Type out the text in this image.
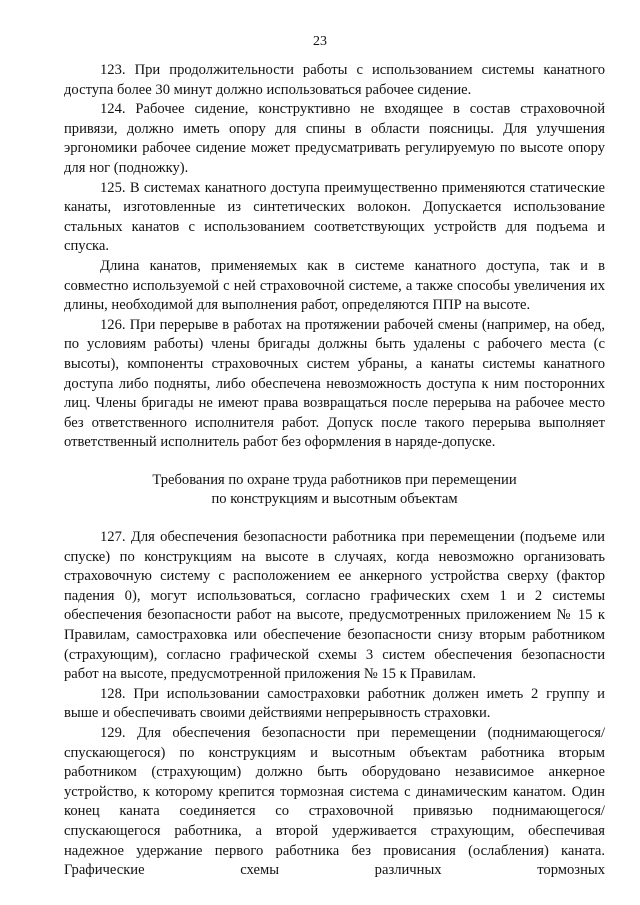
23

123. При продолжительности работы с использованием системы канатного доступа более 30 минут должно использоваться рабочее сидение.

124. Рабочее сидение, конструктивно не входящее в состав страховочной привязи, должно иметь опору для спины в области поясницы. Для улучшения эргономики рабочее сидение может предусматривать регулируемую по высоте опору для ног (подножку).

125. В системах канатного доступа преимущественно применяются статические канаты, изготовленные из синтетических волокон. Допускается использование стальных канатов с использованием соответствующих устройств для подъема и спуска.

Длина канатов, применяемых как в системе канатного доступа, так и в совместно используемой с ней страховочной системе, а также способы увеличения их длины, необходимой для выполнения работ, определяются ППР на высоте.

126. При перерыве в работах на протяжении рабочей смены (например, на обед, по условиям работы) члены бригады должны быть удалены с рабочего места (с высоты), компоненты страховочных систем убраны, а канаты системы канатного доступа либо подняты, либо обеспечена невозможность доступа к ним посторонних лиц. Члены бригады не имеют права возвращаться после перерыва на рабочее место без ответственного исполнителя работ. Допуск после такого перерыва выполняет ответственный исполнитель работ без оформления в наряде-допуске.

Требования по охране труда работников при перемещении
по конструкциям и высотным объектам

127. Для обеспечения безопасности работника при перемещении (подъеме или спуске) по конструкциям на высоте в случаях, когда невозможно организовать страховочную систему с расположением ее анкерного устройства сверху (фактор падения 0), могут использоваться, согласно графических схем 1 и 2 системы обеспечения безопасности работ на высоте, предусмотренных приложением № 15 к Правилам, самостраховка или обеспечение безопасности снизу вторым работником (страхующим), согласно графической схемы 3 систем обеспечения безопасности работ на высоте, предусмотренной приложения № 15 к Правилам.

128. При использовании самостраховки работник должен иметь 2 группу и выше и обеспечивать своими действиями непрерывность страховки.

129. Для обеспечения безопасности при перемещении (поднимающегося/спускающегося) по конструкциям и высотным объектам работника вторым работником (страхующим) должно быть оборудовано независимое анкерное устройство, к которому крепится тормозная система с динамическим канатом. Один конец каната соединяется со страховочной привязью поднимающегося/спускающегося работника, а второй удерживается страхующим, обеспечивая надежное удержание первого работника без провисания (ослабления) каната. Графические схемы различных тормозных
